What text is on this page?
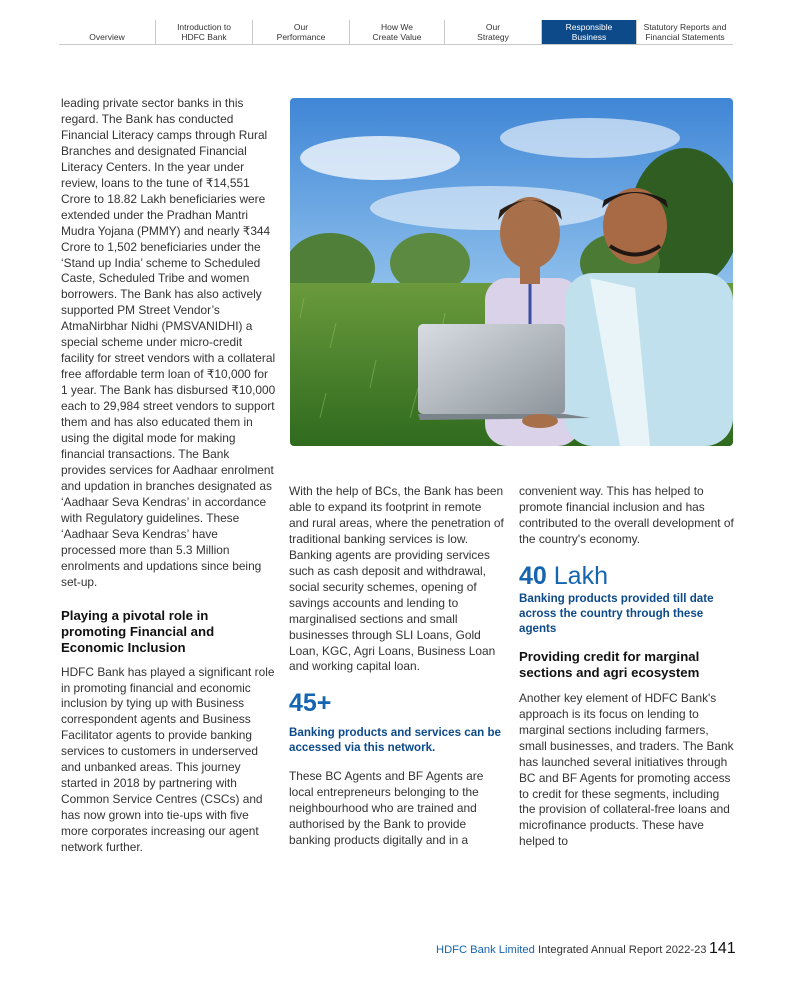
Overview
Introduction to
HDFC Bank
Our
Performance
How We
Create Value
Our
Strategy
Responsible
Business
Statutory Reports and
Financial Statements

leading private sector banks in this regard. The Bank has conducted Financial Literacy camps through Rural Branches and designated Financial Literacy Centers. In the year under review, loans to the tune of ₹14,551 Crore to 18.82 Lakh beneficiaries were extended under the Pradhan Mantri Mudra Yojana (PMMY) and nearly ₹344 Crore to 1,502 beneficiaries under the ‘Stand up India’ scheme to Scheduled Caste, Scheduled Tribe and women borrowers. The Bank has also actively supported PM Street Vendor’s AtmaNirbhar Nidhi (PMSVANIDHI) a special scheme under micro-credit facility for street vendors with a collateral free affordable term loan of ₹10,000 for 1 year. The Bank has disbursed ₹10,000 each to 29,984 street vendors to support them and has also educated them in using the digital mode for making financial transactions. The Bank provides services for Aadhaar enrolment and updation in branches designated as ‘Aadhaar Seva Kendras’ in accordance with Regulatory guidelines. These ‘Aadhaar Seva Kendras’ have processed more than 5.3 Million enrolments and updations since being set-up.

Playing a pivotal role in promoting Financial and Economic Inclusion

HDFC Bank has played a significant role in promoting financial and economic inclusion by tying up with Business correspondent agents and Business Facilitator agents to provide banking services to customers in underserved and unbanked areas. This journey started in 2018 by partnering with Common Service Centres (CSCs) and has now grown into tie-ups with five more corporates increasing our agent network further.

With the help of BCs, the Bank has been able to expand its footprint in remote and rural areas, where the penetration of traditional banking services is low. Banking agents are providing services such as cash deposit and withdrawal, social security schemes, opening of savings accounts and lending to marginalised sections and small businesses through SLI Loans, Gold Loan, KGC, Agri Loans, Business Loan and working capital loan.

45+

Banking products and services can be accessed via this network.

These BC Agents and BF Agents are local entrepreneurs belonging to the neighbourhood who are trained and authorised by the Bank to provide banking products digitally and in a

convenient way. This has helped to promote financial inclusion and has contributed to the overall development of the country's economy.

40 Lakh

Banking products provided till date across the country through these agents

Providing credit for marginal sections and agri ecosystem

Another key element of HDFC Bank's approach is its focus on lending to marginal sections including farmers, small businesses, and traders. The Bank has launched several initiatives through BC and BF Agents for promoting access to credit for these segments, including the provision of collateral-free loans and microfinance products. These have helped to

HDFC Bank Limited Integrated Annual Report 2022-23 141
